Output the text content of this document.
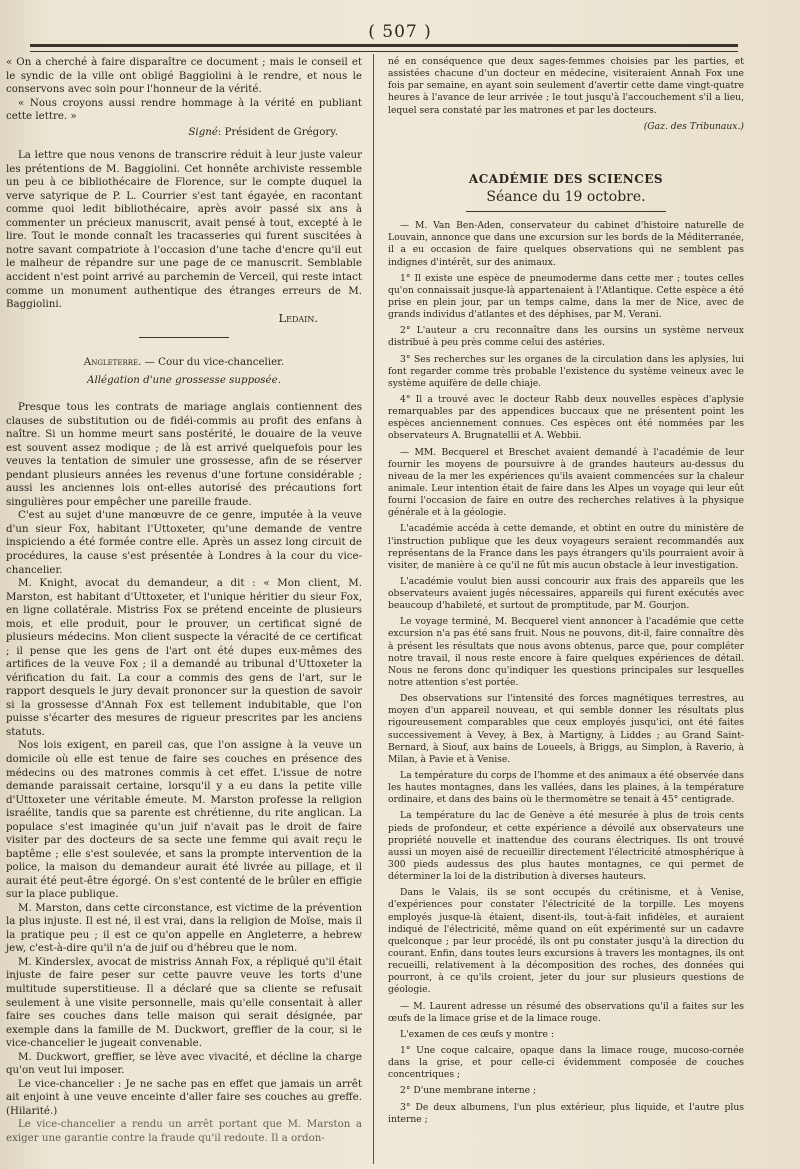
( 507 )

« On a cherché à faire disparaître ce document ; mais le conseil et le syndic de la ville ont obligé Baggiolini à le rendre, et nous le conservons avec soin pour l'honneur de la vérité.

« Nous croyons aussi rendre hommage à la vérité en publiant cette lettre. »

Signé: Président de Grégory.

La lettre que nous venons de transcrire réduit à leur juste valeur les prétentions de M. Baggiolini. Cet honnête archiviste ressemble un peu à ce bibliothécaire de Florence, sur le compte duquel la verve satyrique de P. L. Courrier s'est tant égayée, en racontant comme quoi ledit bibliothécaire, après avoir passé six ans à commenter un précieux manuscrit, avait pensé à tout, excepté à le lire. Tout le monde connaît les tracasseries qui furent suscitées à notre savant compatriote à l'occasion d'une tache d'encre qu'il eut le malheur de répandre sur une page de ce manuscrit. Semblable accident n'est point arrivé au parchemin de Verceil, qui reste intact comme un monument authentique des étranges erreurs de M. Baggiolini.

Ledain.
Angleterre. — Cour du vice-chancelier.
Allégation d'une grossesse supposée.

Presque tous les contrats de mariage anglais contiennent des clauses de substitution ou de fidéi-commis au profit des enfans à naître. Si un homme meurt sans postérité, le douaire de la veuve est souvent assez modique ; de là est arrivé quelquefois pour les veuves la tentation de simuler une grossesse, afin de se réserver pendant plusieurs années les revenus d'une fortune considérable ; aussi les anciennes lois ont-elles autorisé des précautions fort singulières pour empêcher une pareille fraude.

C'est au sujet d'une manœuvre de ce genre, imputée à la veuve d'un sieur Fox, habitant l'Uttoxeter, qu'une demande de ventre inspiciendo a été formée contre elle. Après un assez long circuit de procédures, la cause s'est présentée à Londres à la cour du vice-chancelier.

M. Knight, avocat du demandeur, a dit : « Mon client, M. Marston, est habitant d'Uttoxeter, et l'unique héritier du sieur Fox, en ligne collatérale. Mistriss Fox se prétend enceinte de plusieurs mois, et elle produit, pour le prouver, un certificat signé de plusieurs médecins. Mon client suspecte la véracité de ce certificat ; il pense que les gens de l'art ont été dupes eux-mêmes des artifices de la veuve Fox ; il a demandé au tribunal d'Uttoxeter la vérification du fait. La cour a commis des gens de l'art, sur le rapport desquels le jury devait prononcer sur la question de savoir si la grossesse d'Annah Fox est tellement indubitable, que l'on puisse s'écarter des mesures de rigueur prescrites par les anciens statuts.

Nos lois exigent, en pareil cas, que l'on assigne à la veuve un domicile où elle est tenue de faire ses couches en présence des médecins ou des matrones commis à cet effet. L'issue de notre demande paraissait certaine, lorsqu'il y a eu dans la petite ville d'Uttoxeter une véritable émeute. M. Marston professe la religion israélite, tandis que sa parente est chrétienne, du rite anglican. La populace s'est imaginée qu'un juif n'avait pas le droit de faire visiter par des docteurs de sa secte une femme qui avait reçu le baptême ; elle s'est soulevée, et sans la prompte intervention de la police, la maison du demandeur aurait été livrée au pillage, et il aurait été peut-être égorgé. On s'est contenté de le brûler en effigie sur la place publique.

M. Marston, dans cette circonstance, est victime de la prévention la plus injuste. Il est né, il est vrai, dans la religion de Moïse, mais il la pratique peu ; il est ce qu'on appelle en Angleterre, a hebrew jew, c'est-à-dire qu'il n'a de juif ou d'hébreu que le nom.

M. Kinderslex, avocat de mistriss Annah Fox, a répliqué qu'il était injuste de faire peser sur cette pauvre veuve les torts d'une multitude superstitieuse. Il a déclaré que sa cliente se refusait seulement à une visite personnelle, mais qu'elle consentait à aller faire ses couches dans telle maison qui serait désignée, par exemple dans la famille de M. Duckwort, greffier de la cour, si le vice-chancelier le jugeait convenable.

M. Duckwort, greffier, se lève avec vivacité, et décline la charge qu'on veut lui imposer.

Le vice-chancelier : Je ne sache pas en effet que jamais un arrêt ait enjoint à une veuve enceinte d'aller faire ses couches au greffe. (Hilarité.)

Le vice-chancelier a rendu un arrêt portant que M. Marston a exiger une garantie contre la fraude qu'il redoute. Il a ordon-

né en conséquence que deux sages-femmes choisies par les parties, et assistées chacune d'un docteur en médecine, visiteraient Annah Fox une fois par semaine, en ayant soin seulement d'avertir cette dame vingt-quatre heures à l'avance de leur arrivée ; le tout jusqu'à l'accouchement s'il a lieu, lequel sera constaté par les matrones et par les docteurs.

(Gaz. des Tribunaux.)
ACADÉMIE DES SCIENCES
Séance du 19 octobre.

— M. Van Ben-Aden, conservateur du cabinet d'histoire naturelle de Louvain, annonce que dans une excursion sur les bords de la Méditerranée, il a eu occasion de faire quelques observations qui ne semblent pas indignes d'intérêt, sur des animaux.

1° Il existe une espèce de pneumoderme dans cette mer ; toutes celles qu'on connaissait jusque-là appartenaient à l'Atlantique. Cette espèce a été prise en plein jour, par un temps calme, dans la mer de Nice, avec de grands individus d'atlantes et des déphises, par M. Verani.

2° L'auteur a cru reconnaître dans les oursins un système nerveux distribué à peu près comme celui des astéries.

3° Ses recherches sur les organes de la circulation dans les aplysies, lui font regarder comme très probable l'existence du système veineux avec le système aquifère de delle chiaje.

4° Il a trouvé avec le docteur Rabb deux nouvelles espèces d'aplysie remarquables par des appendices buccaux que ne présentent point les espèces anciennement connues. Ces espèces ont été nommées par les observateurs A. Brugnatellii et A. Webbii.

— MM. Becquerel et Breschet avaient demandé à l'académie de leur fournir les moyens de poursuivre à de grandes hauteurs au-dessus du niveau de la mer les expériences qu'ils avaient commencées sur la chaleur animale. Leur intention était de faire dans les Alpes un voyage qui leur eût fourni l'occasion de faire en outre des recherches relatives à la physique générale et à la géologie.

L'académie accéda à cette demande, et obtint en outre du ministère de l'instruction publique que les deux voyageurs seraient recommandés aux représentans de la France dans les pays étrangers qu'ils pourraient avoir à visiter, de manière à ce qu'il ne fût mis aucun obstacle à leur investigation.

L'académie voulut bien aussi concourir aux frais des appareils que les observateurs avaient jugés nécessaires, appareils qui furent exécutés avec beaucoup d'habileté, et surtout de promptitude, par M. Gourjon.

Le voyage terminé, M. Becquerel vient annoncer à l'académie que cette excursion n'a pas été sans fruit. Nous ne pouvons, dit-il, faire connaître dès à présent les résultats que nous avons obtenus, parce que, pour compléter notre travail, il nous reste encore à faire quelques expériences de détail. Nous ne ferons donc qu'indiquer les questions principales sur lesquelles notre attention s'est portée.

Des observations sur l'intensité des forces magnétiques terrestres, au moyen d'un appareil nouveau, et qui semble donner les résultats plus rigoureusement comparables que ceux employés jusqu'ici, ont été faites successivement à Vevey, à Bex, à Martigny, à Liddes ; au Grand Saint-Bernard, à Siouf, aux bains de Loueels, à Briggs, au Simplon, à Raverio, à Milan, à Pavie et à Venise.

La température du corps de l'homme et des animaux a été observée dans les hautes montagnes, dans les vallées, dans les plaines, à la température ordinaire, et dans des bains où le thermomètre se tenait à 45° centigrade.

La température du lac de Genève a été mesurée à plus de trois cents pieds de profondeur, et cette expérience a dévoilé aux observateurs une propriété nouvelle et inattendue des courans électriques. Ils ont trouvé aussi un moyen aisé de recueillir directement l'électricité atmosphérique à 300 pieds audessus des plus hautes montagnes, ce qui permet de déterminer la loi de la distribution à diverses hauteurs.

Dans le Valais, ils se sont occupés du crétinisme, et à Venise, d'expériences pour constater l'électricité de la torpille. Les moyens employés jusque-là étaient, disent-ils, tout-à-fait infidèles, et auraient indiqué de l'électricité, même quand on eût expérimenté sur un cadavre quelconque ; par leur procédé, ils ont pu constater jusqu'à la direction du courant. Enfin, dans toutes leurs excursions à travers les montagnes, ils ont recueilli, relativement à la décomposition des roches, des données qui pourront, à ce qu'ils croient, jeter du jour sur plusieurs questions de géologie.

— M. Laurent adresse un résumé des observations qu'il a faites sur les œufs de la limace grise et de la limace rouge.

L'examen de ces œufs y montre :

1° Une coque calcaire, opaque dans la limace rouge, mucoso-cornée dans la grise, et pour celle-ci évidemment composée de couches concentriques ;

2° D'une membrane interne ;

3° De deux albumens, l'un plus extérieur, plus liquide, et l'autre plus interne ;
